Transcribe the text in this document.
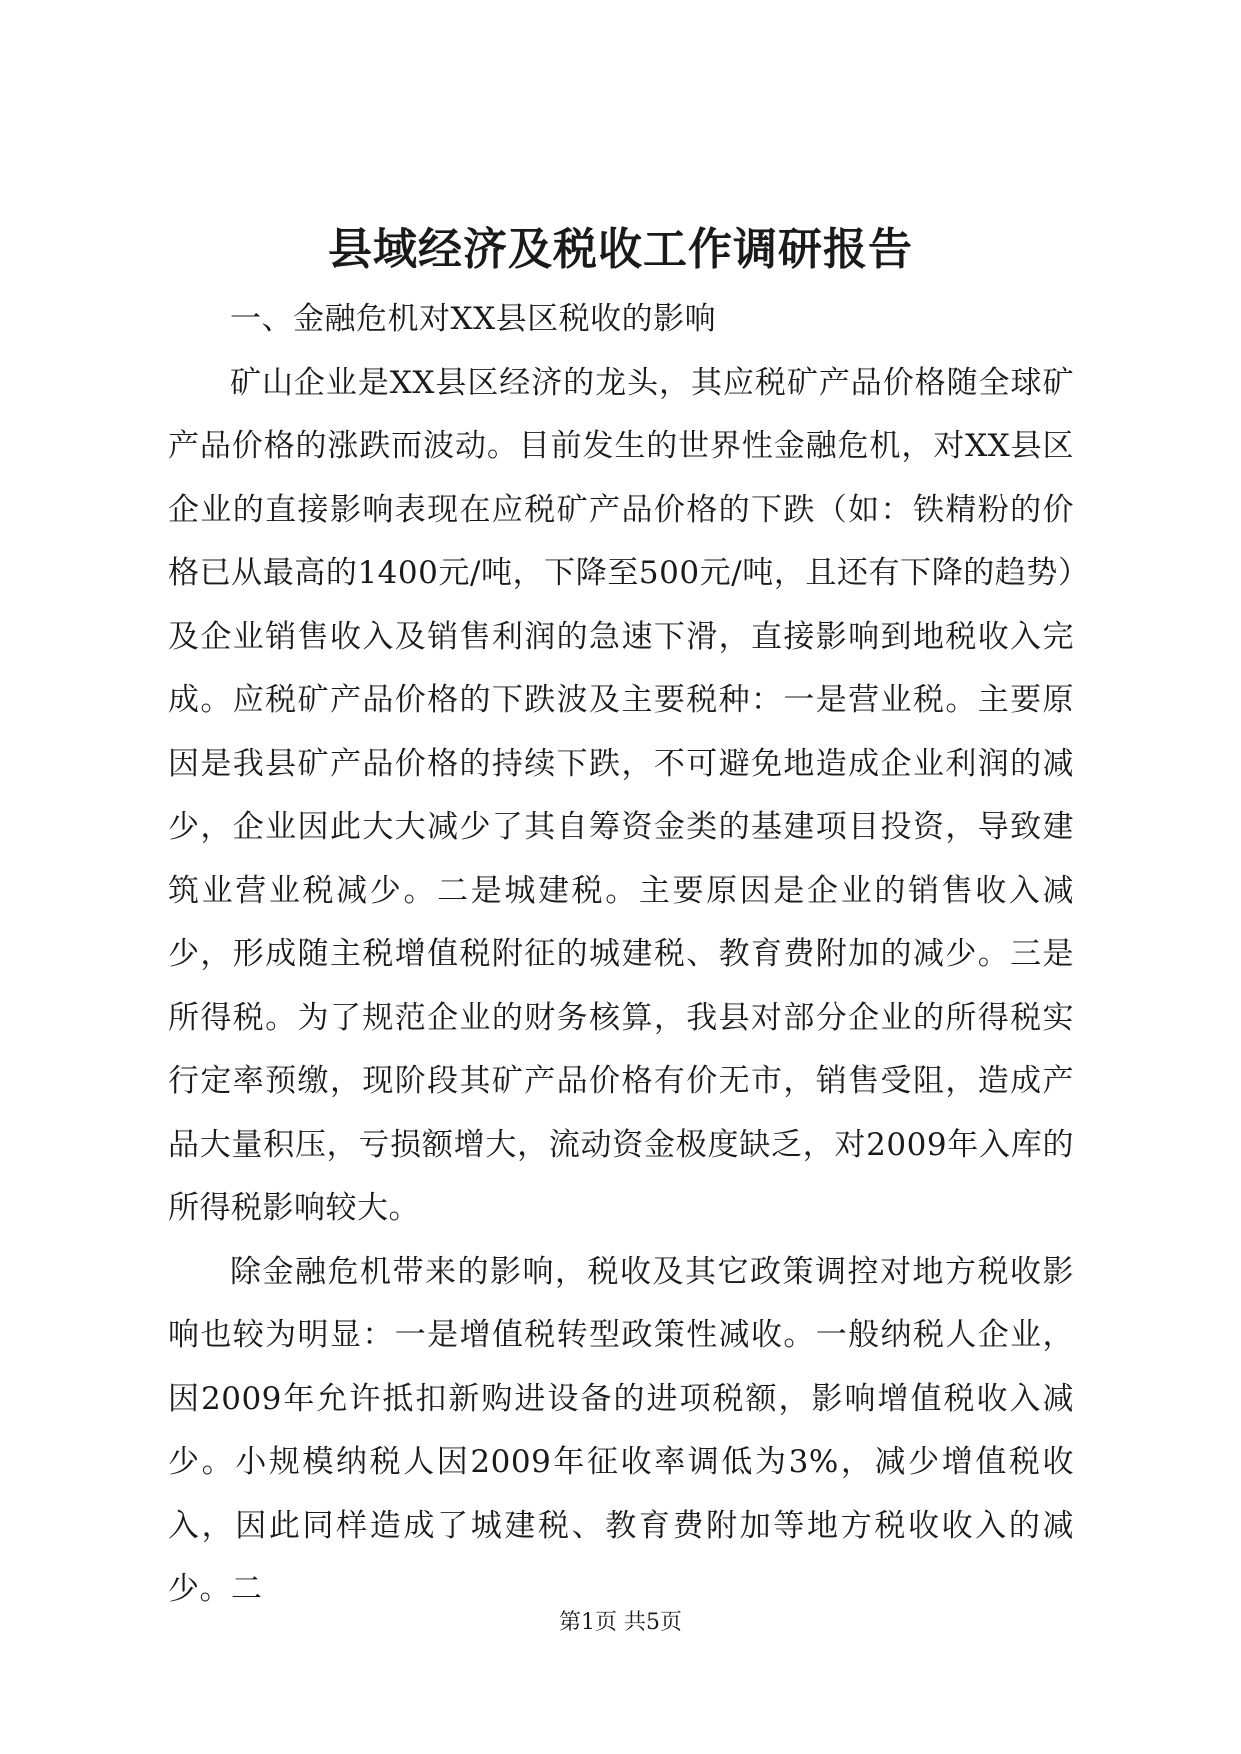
县域经济及税收工作调研报告
一、金融危机对XX县区税收的影响

矿山企业是XX县区经济的龙头，其应税矿产品价格随全球矿产品价格的涨跌而波动。目前发生的世界性金融危机，对XX县区企业的直接影响表现在应税矿产品价格的下跌（如：铁精粉的价格已从最高的1400元/吨，下降至500元/吨，且还有下降的趋势）及企业销售收入及销售利润的急速下滑，直接影响到地税收入完成。应税矿产品价格的下跌波及主要税种：一是营业税。主要原因是我县矿产品价格的持续下跌，不可避免地造成企业利润的减少，企业因此大大减少了其自筹资金类的基建项目投资，导致建筑业营业税减少。二是城建税。主要原因是企业的销售收入减少，形成随主税增值税附征的城建税、教育费附加的减少。三是所得税。为了规范企业的财务核算，我县对部分企业的所得税实行定率预缴，现阶段其矿产品价格有价无市，销售受阻，造成产品大量积压，亏损额增大，流动资金极度缺乏，对2009年入库的所得税影响较大。

除金融危机带来的影响，税收及其它政策调控对地方税收影响也较为明显：一是增值税转型政策性减收。一般纳税人企业，因2009年允许抵扣新购进设备的进项税额，影响增值税收入减少。小规模纳税人因2009年征收率调低为3%，减少增值税收入，因此同样造成了城建税、教育费附加等地方税收收入的减少。二

第1页 共5页
